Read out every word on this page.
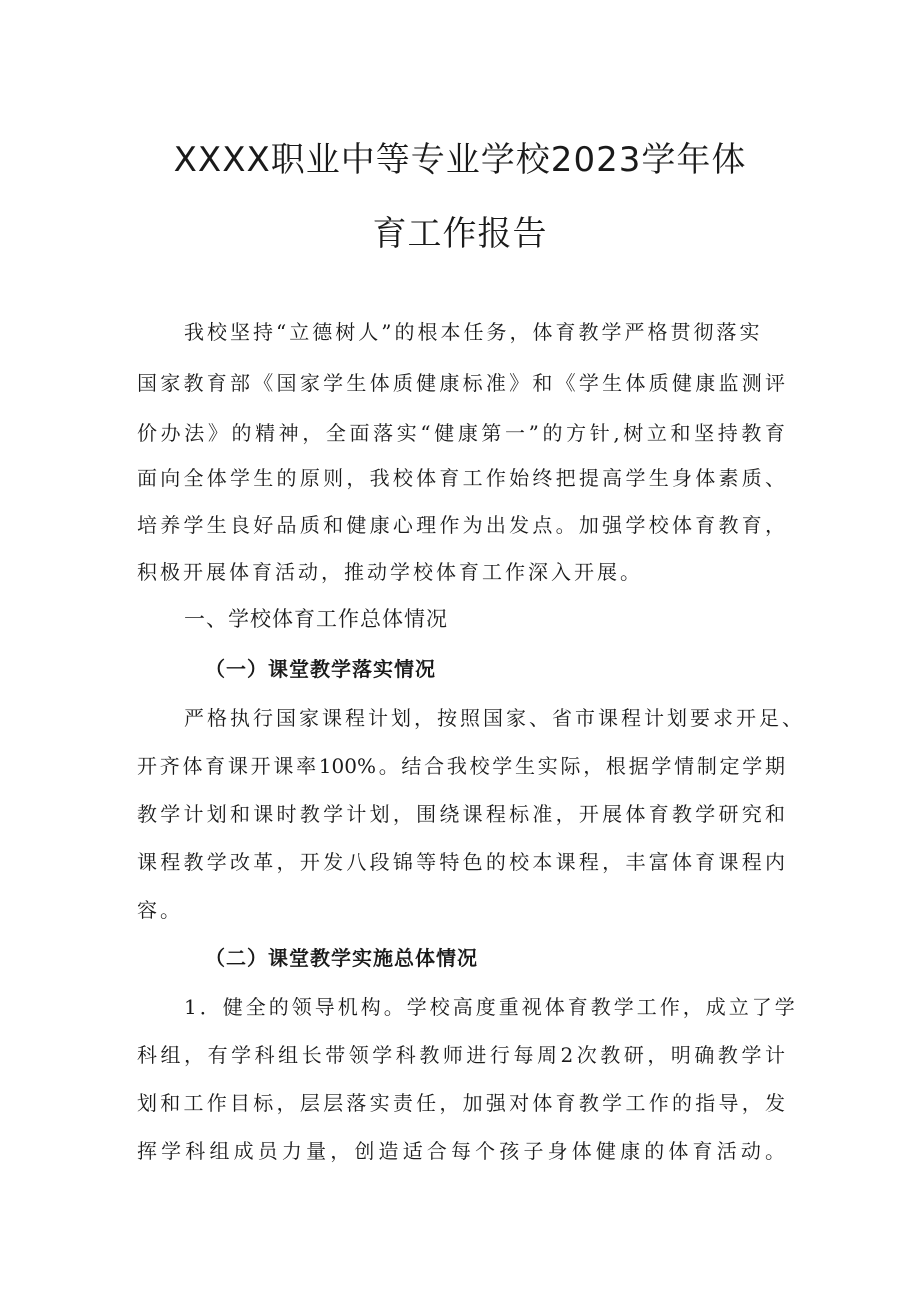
XXXX职业中等专业学校2023学年体
育工作报告
我校坚持“立德树人”的根本任务，体育教学严格贯彻落实
国家教育部《国家学生体质健康标准》和《学生体质健康监测评
价办法》的精神，全面落实“健康第一”的方针,树立和坚持教育
面向全体学生的原则，我校体育工作始终把提高学生身体素质、
培养学生良好品质和健康心理作为出发点。加强学校体育教育，
积极开展体育活动，推动学校体育工作深入开展。
一、学校体育工作总体情况
（一）课堂教学落实情况
严格执行国家课程计划，按照国家、省市课程计划要求开足、
开齐体育课开课率100%。结合我校学生实际，根据学情制定学期
教学计划和课时教学计划，围绕课程标准，开展体育教学研究和
课程教学改革，开发八段锦等特色的校本课程，丰富体育课程内
容。
（二）课堂教学实施总体情况
1．健全的领导机构。学校高度重视体育教学工作，成立了学
科组，有学科组长带领学科教师进行每周2次教研，明确教学计
划和工作目标，层层落实责任，加强对体育教学工作的指导，发
挥学科组成员力量，创造适合每个孩子身体健康的体育活动。
